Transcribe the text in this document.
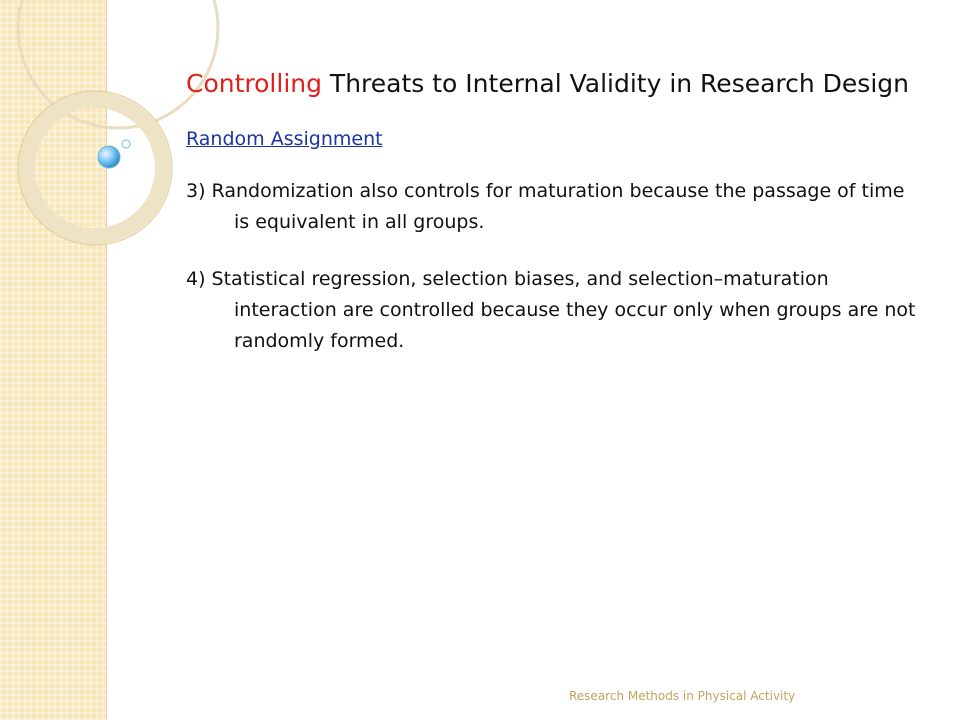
Controlling Threats to Internal Validity in Research Design
Random Assignment

3) Randomization also controls for maturation because the passage of time is equivalent in all groups.

4) Statistical regression, selection biases, and selection–maturation interaction are controlled because they occur only when groups are not randomly formed.

Research Methods in Physical Activity
